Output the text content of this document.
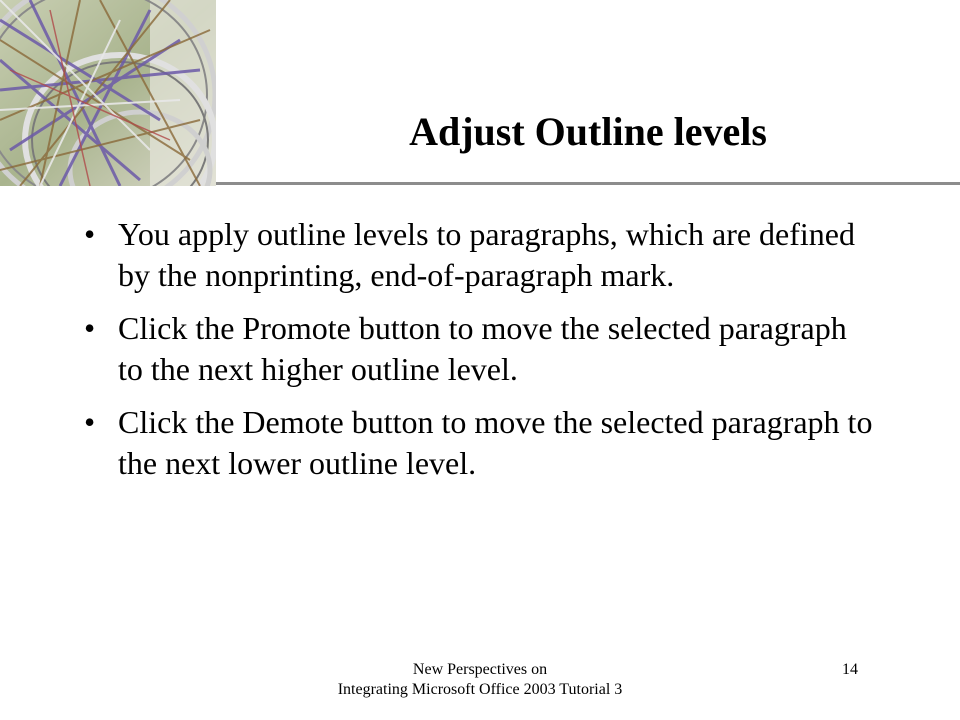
Adjust Outline levels
• You apply outline levels to paragraphs, which are defined by the nonprinting, end-of-paragraph mark.
• Click the Promote button to move the selected paragraph to the next higher outline level.
• Click the Demote button to move the selected paragraph to the next lower outline level.
New Perspectives on
Integrating Microsoft Office 2003 Tutorial 3
14
